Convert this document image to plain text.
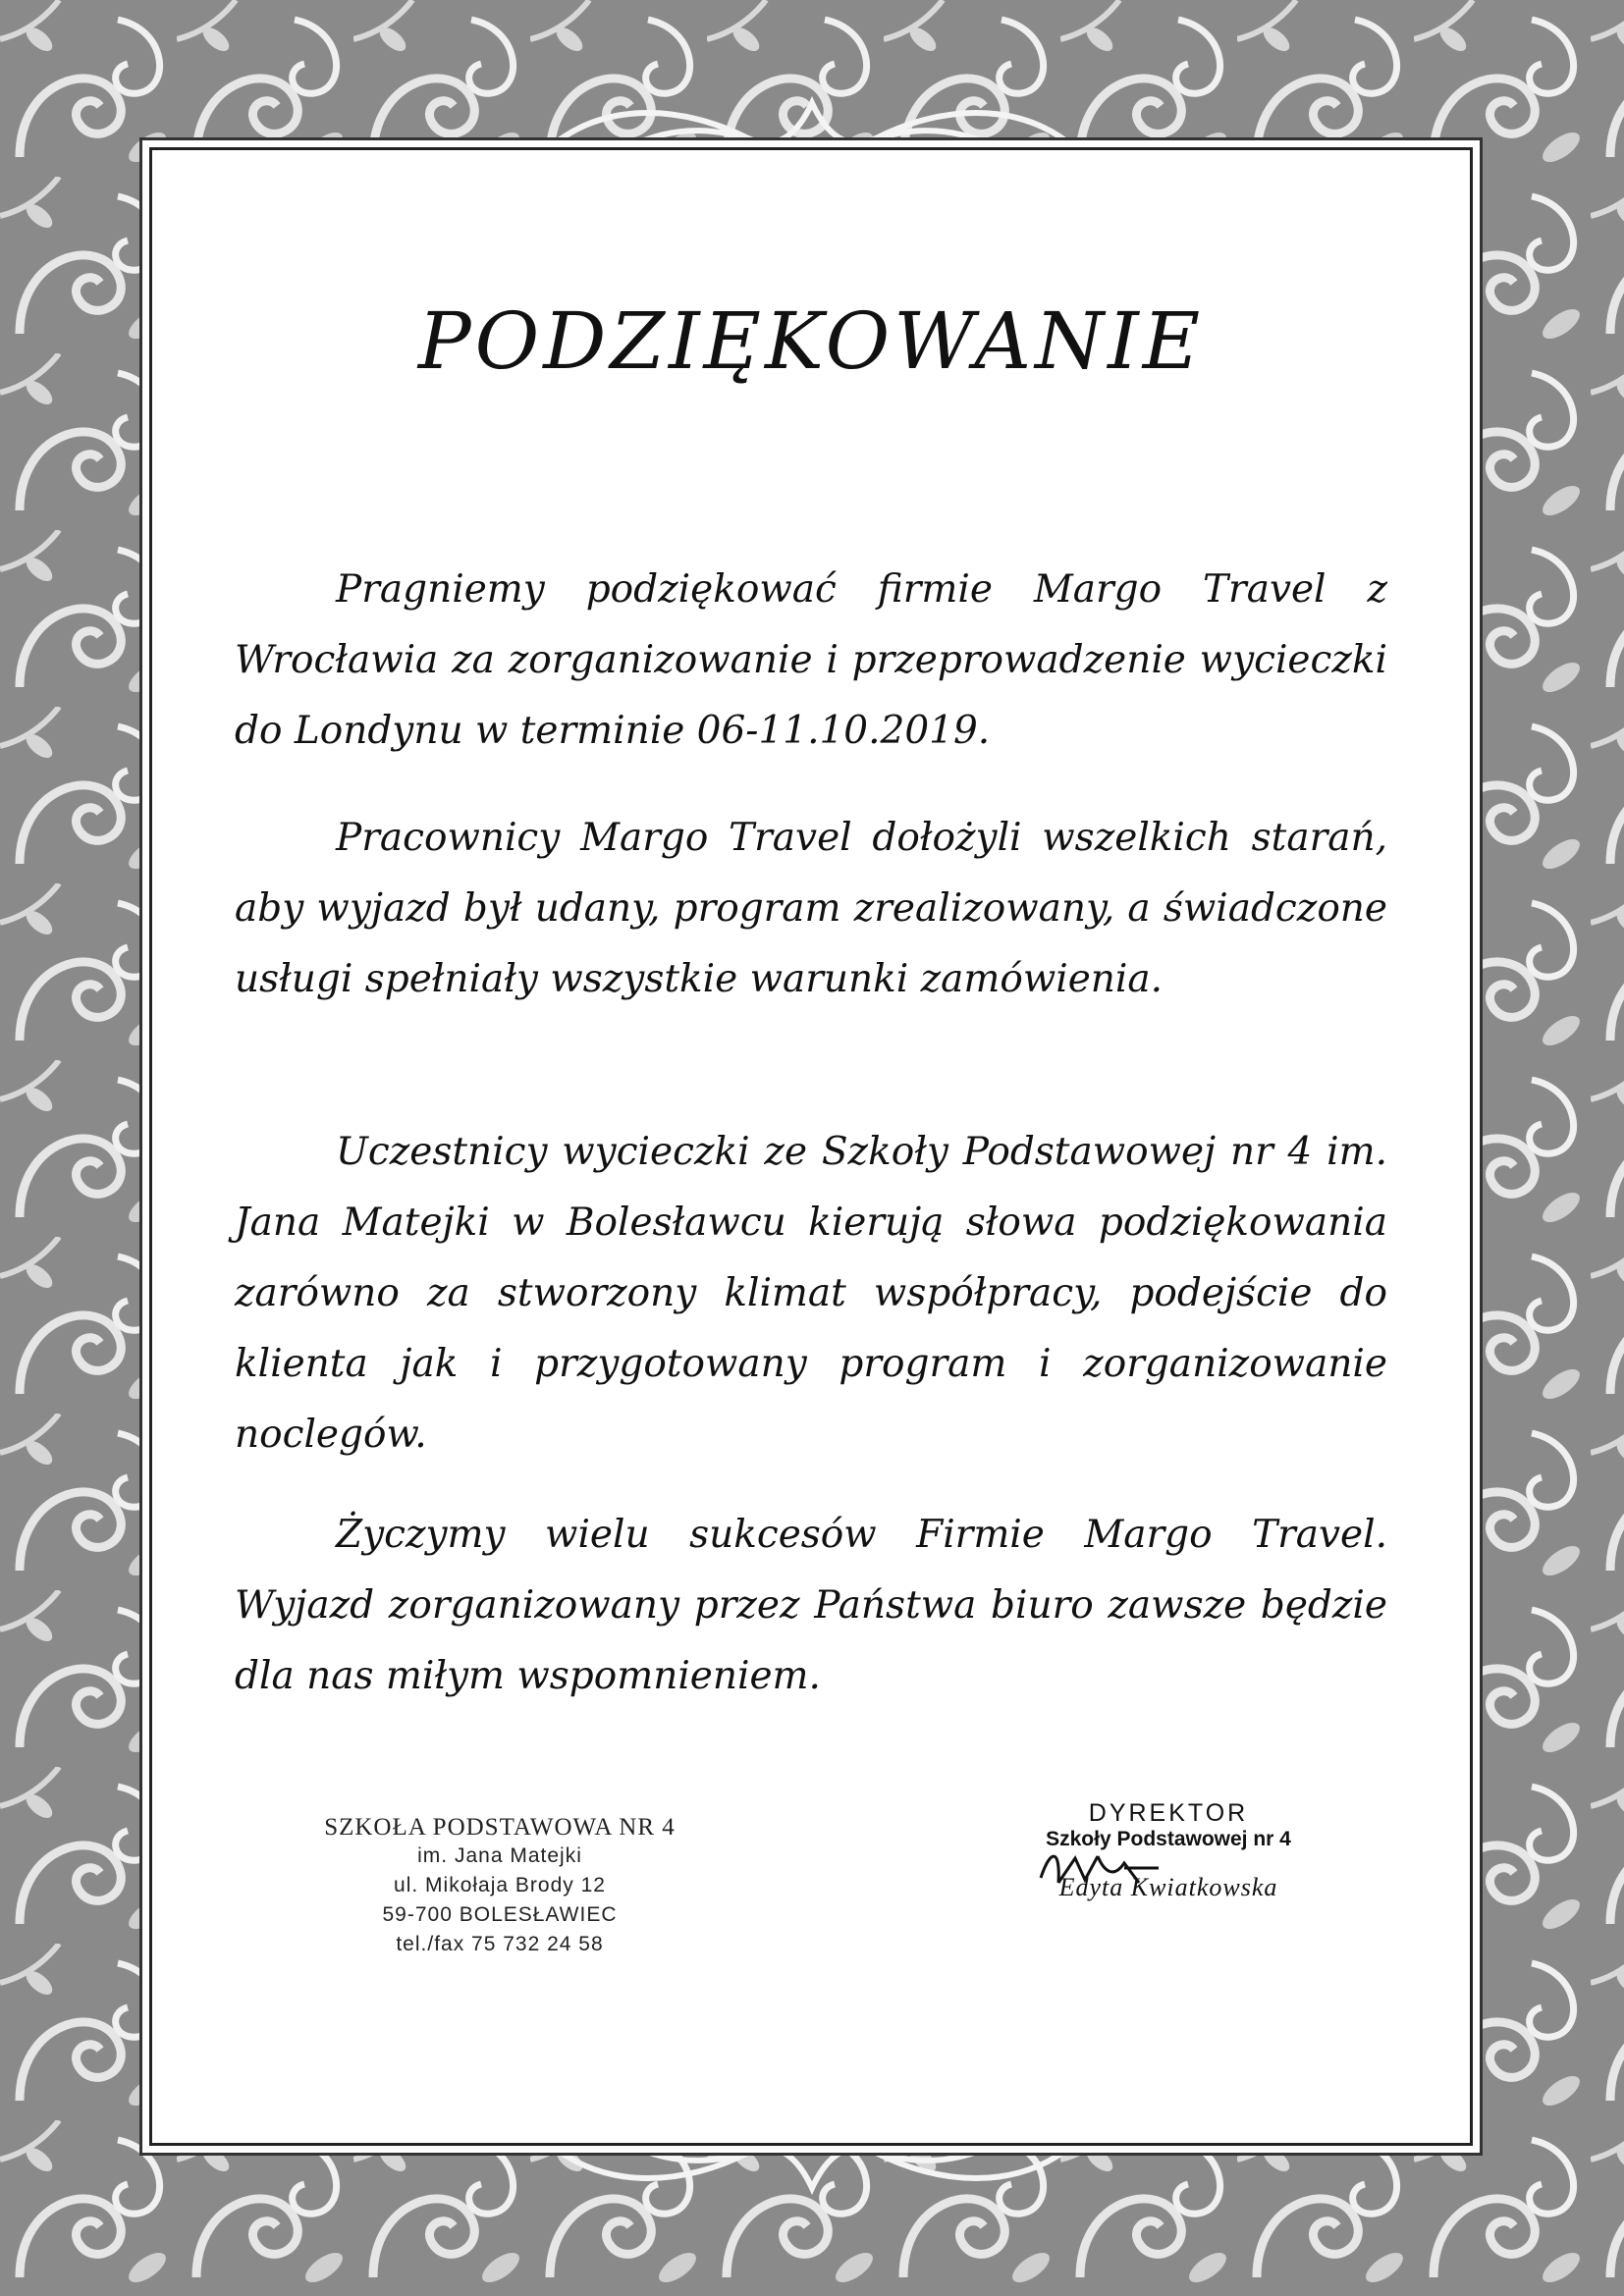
PODZIĘKOWANIE

Pragniemy podziękować firmie Margo Travel z Wrocławia za zorganizowanie i przeprowadzenie wycieczki do Londynu w terminie 06-11.10.2019.

Pracownicy Margo Travel dołożyli wszelkich starań, aby wyjazd był udany, program zrealizowany, a świadczone usługi spełniały wszystkie warunki zamówienia.

Uczestnicy wycieczki ze Szkoły Podstawowej nr 4 im. Jana Matejki w Bolesławcu kierują słowa podziękowania zarówno za stworzony klimat współpracy, podejście do klienta jak i przygotowany program i zorganizowanie noclegów.

Życzymy wielu sukcesów Firmie Margo Travel. Wyjazd zorganizowany przez Państwa biuro zawsze będzie dla nas miłym wspomnieniem.

SZKOŁA PODSTAWOWA NR 4
im. Jana Matejki
ul. Mikołaja Brody 12
59-700 BOLESŁAWIEC
tel./fax 75 732 24 58
DYREKTOR
Szkoły Podstawowej nr 4
Edyta Kwiatkowska
